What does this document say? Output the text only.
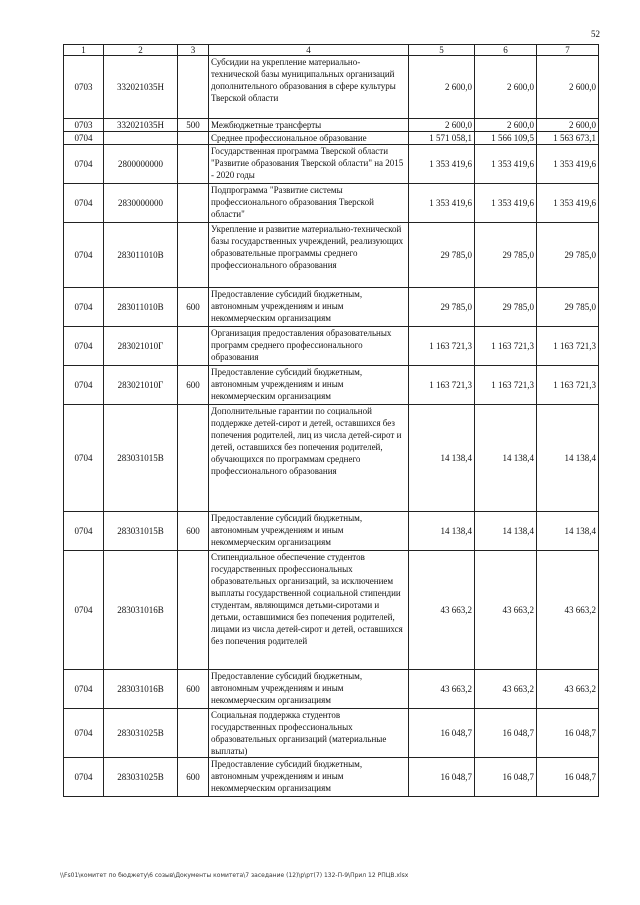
52
1	2	3	4	5	6	7
0703	332021035Н		Субсидии на укрепление материально-технической базы муниципальных организаций дополнительного образования в сфере культуры Тверской области	2 600,0	2 600,0	2 600,0
0703	332021035Н	500	Межбюджетные трансферты	2 600,0	2 600,0	2 600,0
0704			Среднее профессиональное образование	1 571 058,1	1 566 109,5	1 563 673,1
0704	2800000000		Государственная программа Тверской области "Развитие образования Тверской области" на 2015 - 2020 годы	1 353 419,6	1 353 419,6	1 353 419,6
0704	2830000000		Подпрограмма "Развитие системы профессионального образования Тверской области"	1 353 419,6	1 353 419,6	1 353 419,6
0704	283011010В		Укрепление и развитие материально-технической базы государственных учреждений, реализующих образовательные программы среднего профессионального образования	29 785,0	29 785,0	29 785,0
0704	283011010В	600	Предоставление субсидий бюджетным, автономным учреждениям и иным некоммерческим организациям	29 785,0	29 785,0	29 785,0
0704	283021010Г		Организация предоставления образовательных программ среднего профессионального образования	1 163 721,3	1 163 721,3	1 163 721,3
0704	283021010Г	600	Предоставление субсидий бюджетным, автономным учреждениям и иным некоммерческим организациям	1 163 721,3	1 163 721,3	1 163 721,3
0704	283031015В		Дополнительные гарантии по социальной поддержке детей-сирот и детей, оставшихся без попечения родителей, лиц из числа детей-сирот и детей, оставшихся без попечения родителей, обучающихся по программам среднего профессионального образования	14 138,4	14 138,4	14 138,4
0704	283031015В	600	Предоставление субсидий бюджетным, автономным учреждениям и иным некоммерческим организациям	14 138,4	14 138,4	14 138,4
0704	283031016В		Стипендиальное обеспечение студентов государственных профессиональных образовательных организаций, за исключением выплаты государственной социальной стипендии студентам, являющимся детьми-сиротами и детьми, оставшимися без попечения родителей, лицами из числа детей-сирот и детей, оставшихся без попечения родителей	43 663,2	43 663,2	43 663,2
0704	283031016В	600	Предоставление субсидий бюджетным, автономным учреждениям и иным некоммерческим организациям	43 663,2	43 663,2	43 663,2
0704	283031025В		Социальная поддержка студентов государственных профессиональных образовательных организаций (материальные выплаты)	16 048,7	16 048,7	16 048,7
0704	283031025В	600	Предоставление субсидий бюджетным, автономным учреждениям и иным некоммерческим организациям	16 048,7	16 048,7	16 048,7
\\Fs01\комитет по бюджету\6 созыв\Документы комитета\7 заседание (12)\р\рт(7) 132-П-9\Прил 12 РПЦВ.xlsx
